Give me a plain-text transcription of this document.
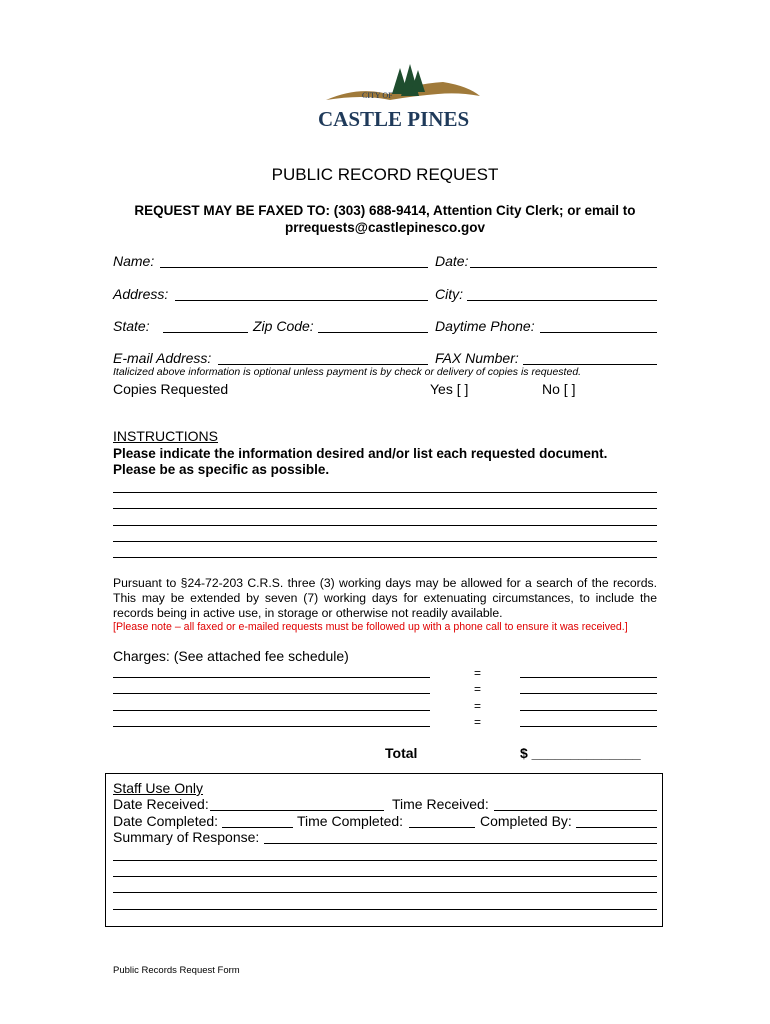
CITY OF
CASTLE PINES
PUBLIC RECORD REQUEST
REQUEST MAY BE FAXED TO: (303) 688-9414, Attention City Clerk; or email to
prrequests@castlepinesco.gov
Name:	Date:
Address:	City:
State:	Zip Code:	Daytime Phone:
E-mail Address:	FAX Number:
Italicized above information is optional unless payment is by check or delivery of copies is requested.
Copies Requested	Yes [ ]	No [ ]
INSTRUCTIONS
Please indicate the information desired and/or list each requested document.
Please be as specific as possible.
Pursuant to §24-72-203 C.R.S. three (3) working days may be allowed for a search of the records. This may be extended by seven (7) working days for extenuating circumstances, to include the records being in active use, in storage or otherwise not readily available.
[Please note – all faxed or e-mailed requests must be followed up with a phone call to ensure it was received.]
Charges: (See attached fee schedule)
=
=
=
=
Total	$ ______________
Staff Use Only
Date Received:	Time Received:
Date Completed:	Time Completed:	Completed By:
Summary of Response:
Public Records Request Form
